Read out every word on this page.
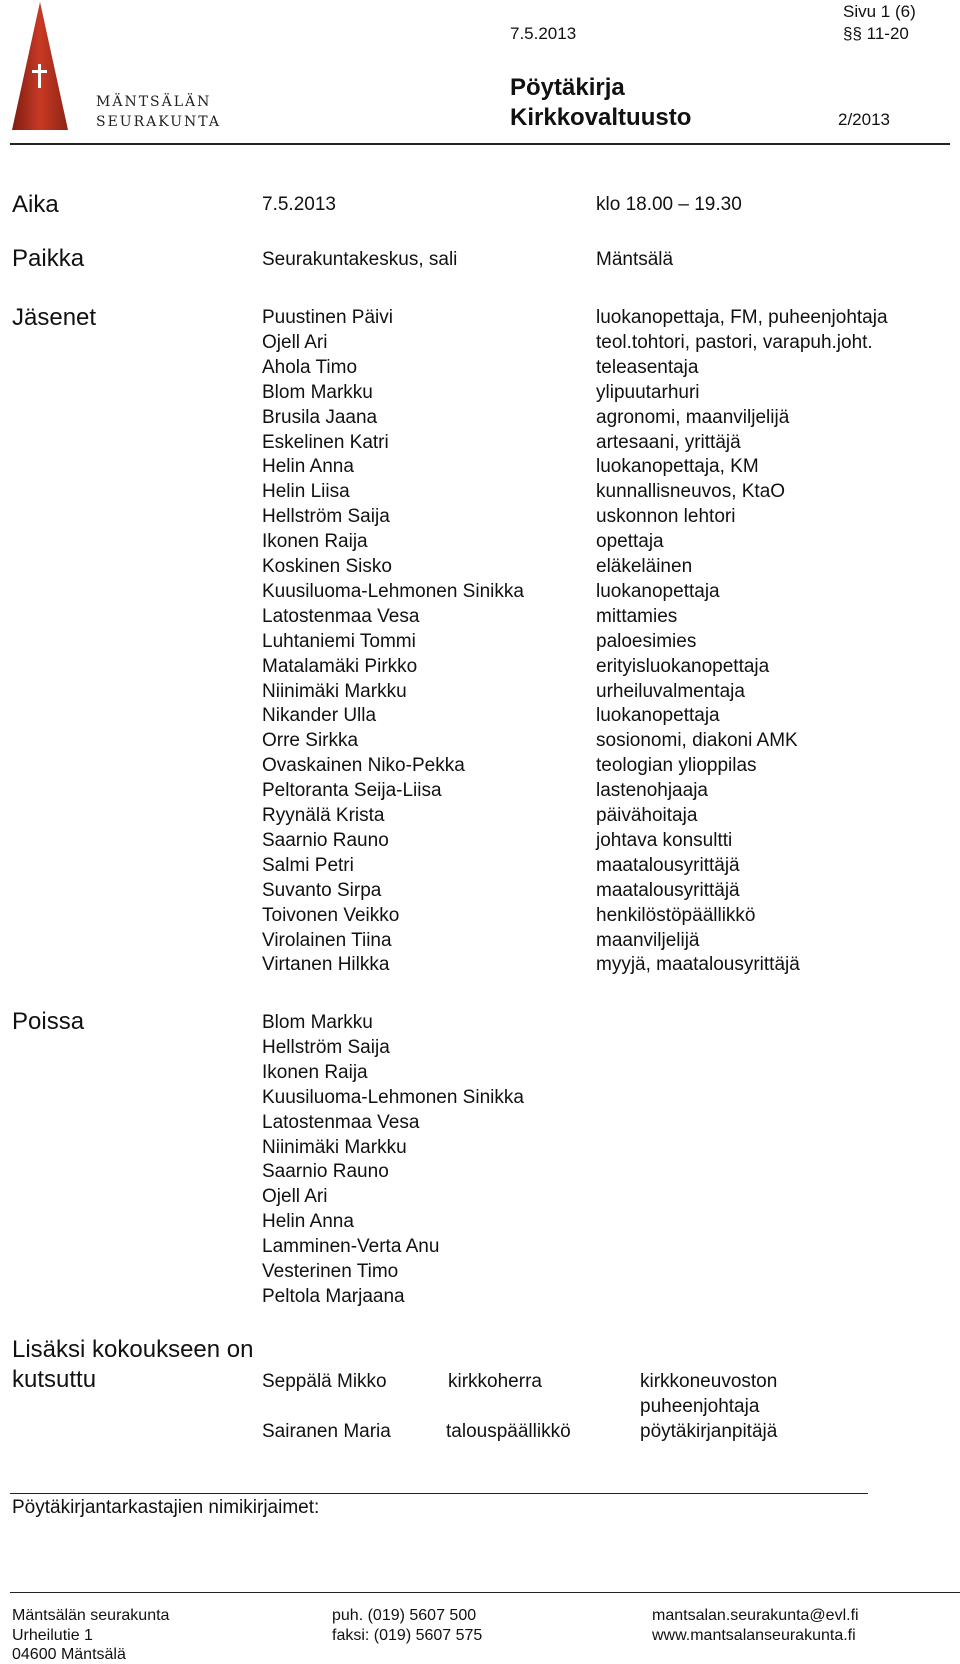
MÄNTSÄLÄN
SEURAKUNTA
7.5.2013
Sivu 1 (6)
§§ 11-20
Pöytäkirja
Kirkkovaltuusto	2/2013
Aika	7.5.2013	klo 18.00 – 19.30
Paikka	Seurakuntakeskus, sali	Mäntsälä
Jäsenet	Puustinen Päivi	luokanopettaja, FM, puheenjohtaja
Ojell Ari	teol.tohtori, pastori, varapuh.joht.
Ahola Timo	teleasentaja
Blom Markku	ylipuutarhuri
Brusila Jaana	agronomi, maanviljelijä
Eskelinen Katri	artesaani, yrittäjä
Helin Anna	luokanopettaja, KM
Helin Liisa	kunnallisneuvos, KtaO
Hellström Saija	uskonnon lehtori
Ikonen Raija	opettaja
Koskinen Sisko	eläkeläinen
Kuusiluoma-Lehmonen Sinikka	luokanopettaja
Latostenmaa Vesa	mittamies
Luhtaniemi Tommi	paloesimies
Matalamäki Pirkko	erityisluokanopettaja
Niinimäki Markku	urheiluvalmentaja
Nikander Ulla	luokanopettaja
Orre Sirkka	sosionomi, diakoni AMK
Ovaskainen Niko-Pekka	teologian ylioppilas
Peltoranta Seija-Liisa	lastenohjaaja
Ryynälä Krista	päivähoitaja
Saarnio Rauno	johtava konsultti
Salmi Petri	maatalousyrittäjä
Suvanto Sirpa	maatalousyrittäjä
Toivonen Veikko	henkilöstöpäällikkö
Virolainen Tiina	maanviljelijä
Virtanen Hilkka	myyjä, maatalousyrittäjä
Poissa	Blom Markku
Hellström Saija
Ikonen Raija
Kuusiluoma-Lehmonen Sinikka
Latostenmaa Vesa
Niinimäki Markku
Saarnio Rauno
Ojell Ari
Helin Anna
Lamminen-Verta Anu
Vesterinen Timo
Peltola Marjaana
Lisäksi kokoukseen on
kutsuttu	Seppälä Mikko	kirkkoherra	kirkkoneuvoston
puheenjohtaja
Sairanen Maria	talouspäällikkö	pöytäkirjanpitäjä
Pöytäkirjantarkastajien nimikirjaimet:
Mäntsälän seurakunta
Urheilutie 1
04600 Mäntsälä
puh. (019) 5607 500
faksi: (019) 5607 575
mantsalan.seurakunta@evl.fi
www.mantsalanseurakunta.fi
